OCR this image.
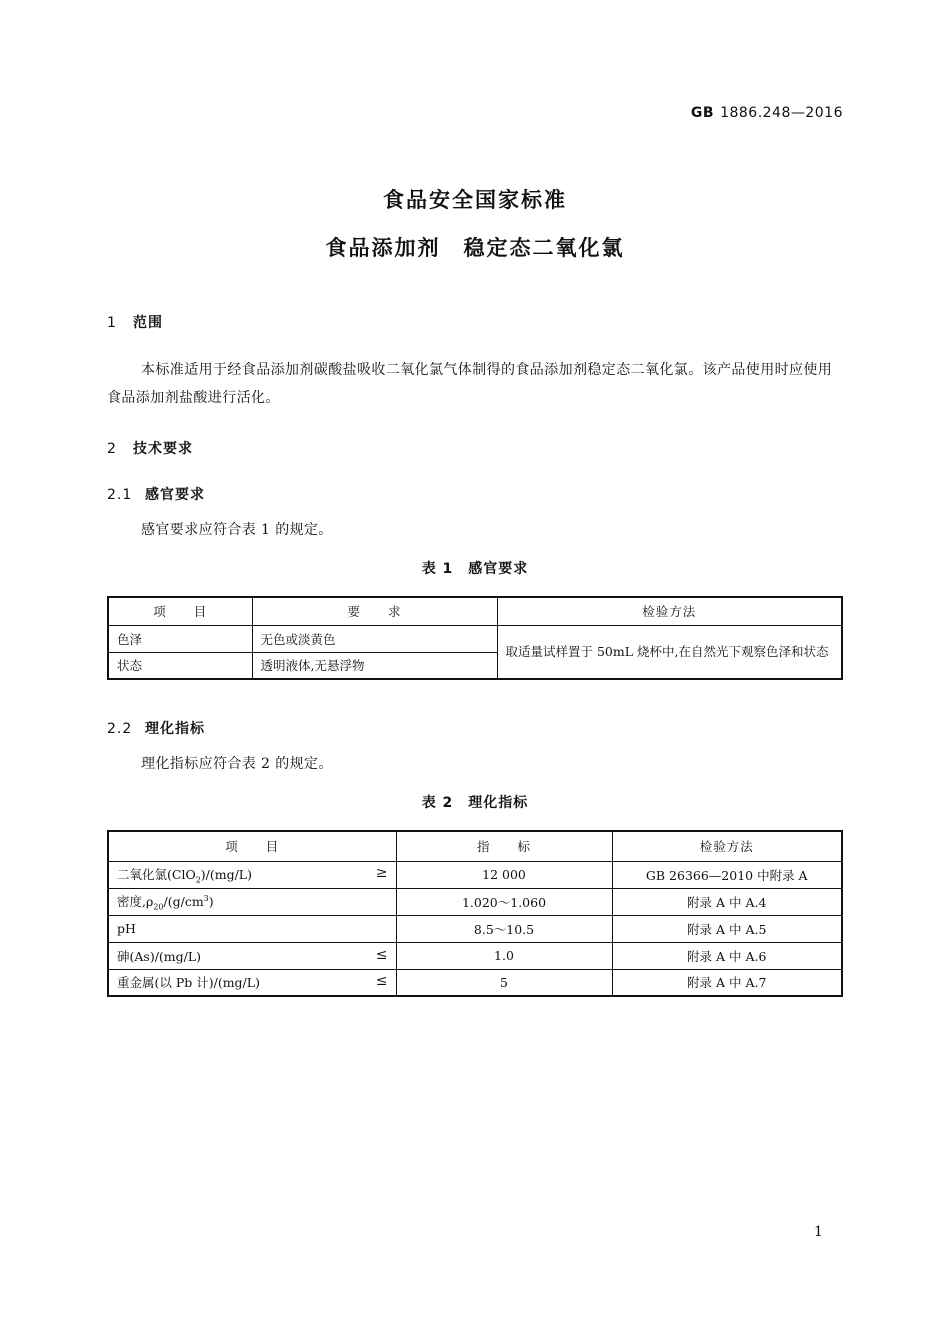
GB 1886.248—2016
食品安全国家标准
食品添加剂　稳定态二氧化氯
1 范围
本标准适用于经食品添加剂碳酸盐吸收二氧化氯气体制得的食品添加剂稳定态二氧化氯。该产品使用时应使用食品添加剂盐酸进行活化。
2 技术要求
2.1 感官要求
感官要求应符合表 1 的规定。
表 1　感官要求
项　　目	要　　求	检验方法
色泽	无色或淡黄色	取适量试样置于 50mL 烧杯中,在自然光下观察色泽和状态
状态	透明液体,无悬浮物	
2.2 理化指标
理化指标应符合表 2 的规定。
表 2　理化指标
项　　目	指　　标	检验方法
二氧化氯(ClO$_2$)/(mg/L) ≥	12 000	GB 26366—2010 中附录 A
密度$,\rho_{20}/(g/cm^3)$	1.020～1.060	附录 A 中 A.4
pH	8.5～10.5	附录 A 中 A.5
砷(As)/(mg/L) ≤	1.0	附录 A 中 A.6
重金属(以 Pb 计)/(mg/L) ≤	5	附录 A 中 A.7
1
